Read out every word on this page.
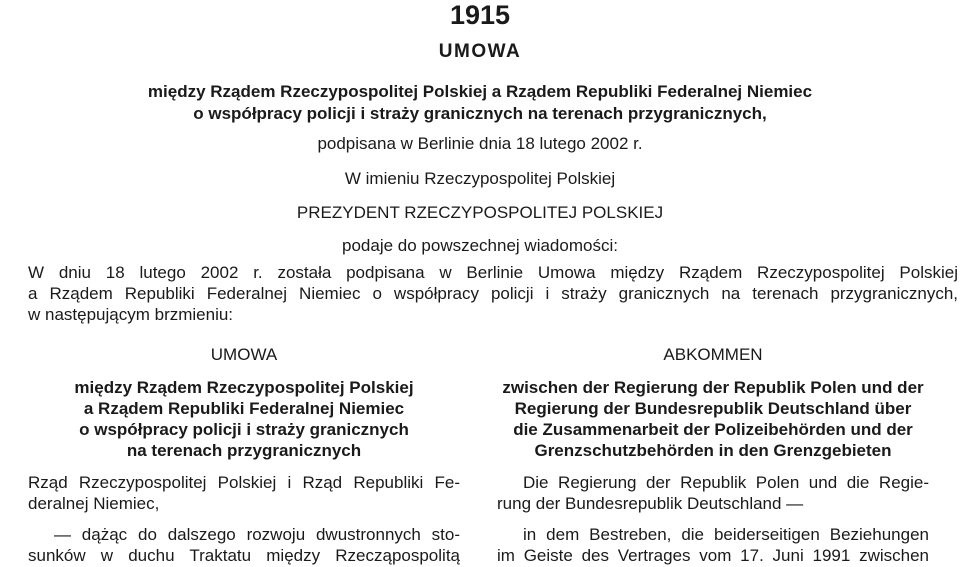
1915
UMOWA
między Rządem Rzeczypospolitej Polskiej a Rządem Republiki Federalnej Niemiec
o współpracy policji i straży granicznych na terenach przygranicznych,
podpisana w Berlinie dnia 18 lutego 2002 r.
W imieniu Rzeczypospolitej Polskiej
PREZYDENT RZECZYPOSPOLITEJ POLSKIEJ
podaje do powszechnej wiadomości:
W dniu 18 lutego 2002 r. została podpisana w Berlinie Umowa między Rządem Rzeczypospolitej Polskiej
a Rządem Republiki Federalnej Niemiec o współpracy policji i straży granicznych na terenach przygranicznych,
w następującym brzmieniu:
UMOWA
między Rządem Rzeczypospolitej Polskiej
a Rządem Republiki Federalnej Niemiec
o współpracy policji i straży granicznych
na terenach przygranicznych
Rząd Rzeczypospolitej Polskiej i Rząd Republiki Fe-
deralnej Niemiec,
— dążąc do dalszego rozwoju dwustronnych sto-
sunków w duchu Traktatu między Rzecząpospolitą
ABKOMMEN
zwischen der Regierung der Republik Polen und der
Regierung der Bundesrepublik Deutschland über
die Zusammenarbeit der Polizeibehörden und der
Grenzschutzbehörden in den Grenzgebieten
Die Regierung der Republik Polen und die Regie-
rung der Bundesrepublik Deutschland —
in dem Bestreben, die beiderseitigen Beziehungen
im Geiste des Vertrages vom 17. Juni 1991 zwischen
